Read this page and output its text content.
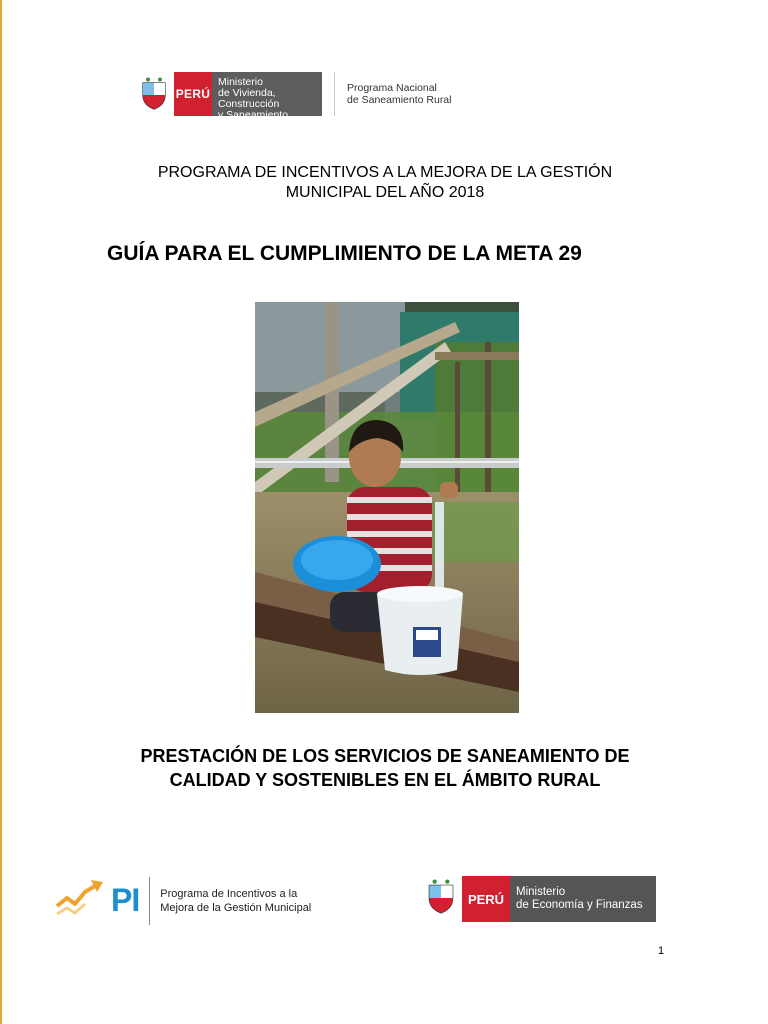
PERÚ
Ministerio
de Vivienda, Construcción
y Saneamiento
Programa Nacional
de Saneamiento Rural
PROGRAMA DE INCENTIVOS A LA MEJORA DE LA GESTIÓN
MUNICIPAL DEL AÑO 2018
GUÍA PARA EL CUMPLIMIENTO DE LA META 29
PRESTACIÓN DE LOS SERVICIOS DE SANEAMIENTO DE
CALIDAD Y SOSTENIBLES EN EL ÁMBITO RURAL
PI Programa de Incentivos a la
Mejora de la Gestión Municipal
PERÚ	Ministerio
de Economía y Finanzas
1
